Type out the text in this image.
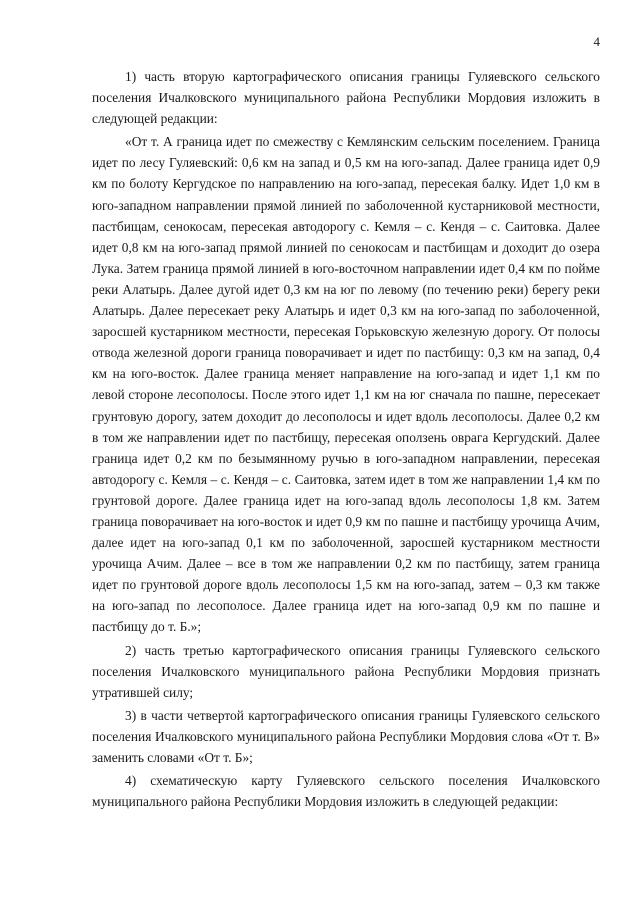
4

1) часть вторую картографического описания границы Гуляевского сельского поселения Ичалковского муниципального района Республики Мордовия изложить в следующей редакции:

«От т. А граница идет по смежеству с Кемлянским сельским поселением. Граница идет по лесу Гуляевский: 0,6 км на запад и 0,5 км на юго-запад. Далее граница идет 0,9 км по болоту Кергудское по направлению на юго-запад, пересекая балку. Идет 1,0 км в юго-западном направлении прямой линией по заболоченной кустарниковой местности, пастбищам, сенокосам, пересекая автодорогу с. Кемля – с. Кендя – с. Саитовка. Далее идет 0,8 км на юго-запад прямой линией по сенокосам и пастбищам и доходит до озера Лука. Затем граница прямой линией в юго-восточном направлении идет 0,4 км по пойме реки Алатырь. Далее дугой идет 0,3 км на юг по левому (по течению реки) берегу реки Алатырь. Далее пересекает реку Алатырь и идет 0,3 км на юго-запад по заболоченной, заросшей кустарником местности, пересекая Горьковскую железную дорогу. От полосы отвода железной дороги граница поворачивает и идет по пастбищу: 0,3 км на запад, 0,4 км на юго-восток. Далее граница меняет направление на юго-запад и идет 1,1 км по левой стороне лесополосы. После этого идет 1,1 км на юг сначала по пашне, пересекает грунтовую дорогу, затем доходит до лесополосы и идет вдоль лесополосы. Далее 0,2 км в том же направлении идет по пастбищу, пересекая оползень оврага Кергудский. Далее граница идет 0,2 км по безымянному ручью в юго-западном направлении, пересекая автодорогу с. Кемля – с. Кендя – с. Саитовка, затем идет в том же направлении 1,4 км по грунтовой дороге. Далее граница идет на юго-запад вдоль лесополосы 1,8 км. Затем граница поворачивает на юго-восток и идет 0,9 км по пашне и пастбищу урочища Ачим, далее идет на юго-запад 0,1 км по заболоченной, заросшей кустарником местности урочища Ачим. Далее – все в том же направлении 0,2 км по пастбищу, затем граница идет по грунтовой дороге вдоль лесополосы 1,5 км на юго-запад, затем – 0,3 км также на юго-запад по лесополосе. Далее граница идет на юго-запад 0,9 км по пашне и пастбищу до т. Б.»;

2) часть третью картографического описания границы Гуляевского сельского поселения Ичалковского муниципального района Республики Мордовия признать утратившей силу;

3) в части четвертой картографического описания границы Гуляевского сельского поселения Ичалковского муниципального района Республики Мордовия слова «От т. В» заменить словами «От т. Б»;

4) схематическую карту Гуляевского сельского поселения Ичалковского муниципального района Республики Мордовия изложить в следующей редакции:
